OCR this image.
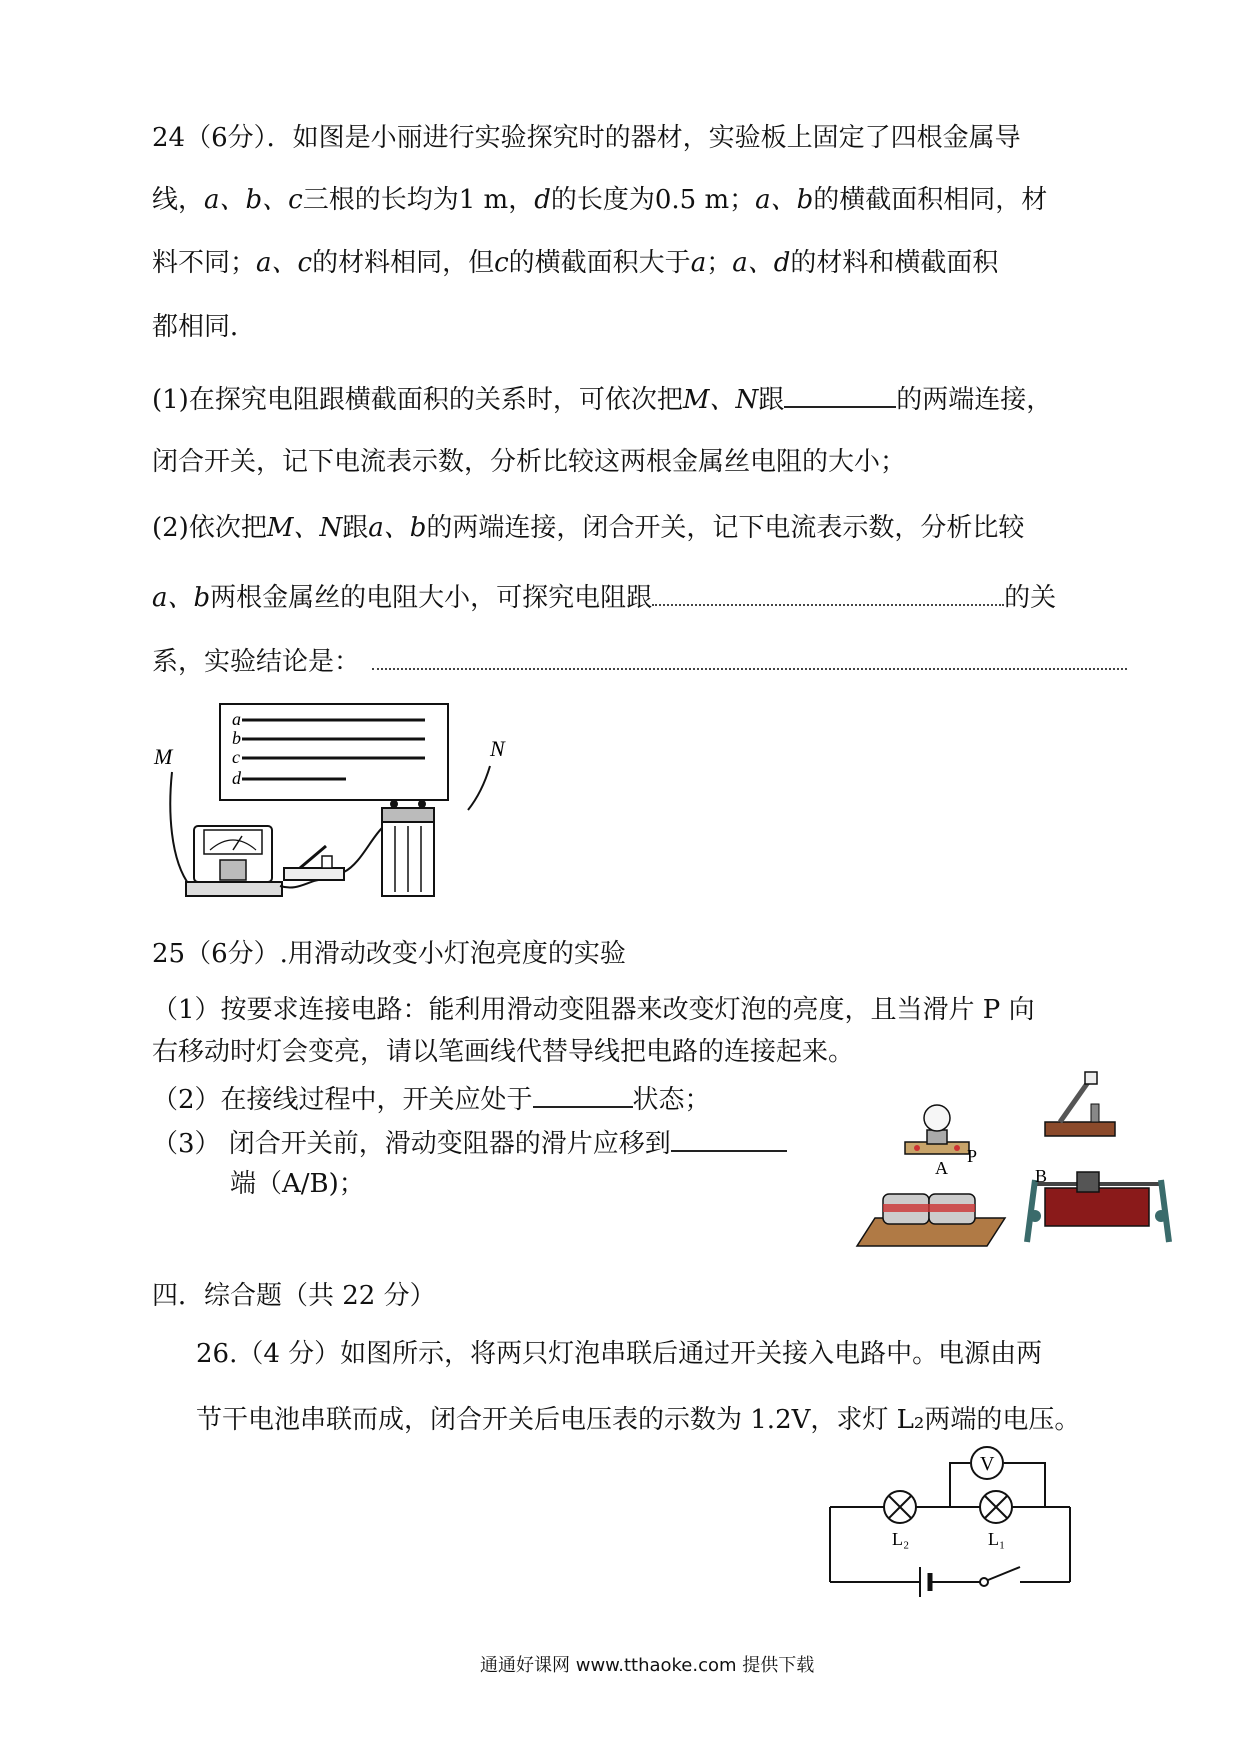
24（6分）．如图是小丽进行实验探究时的器材，实验板上固定了四根金属导
线，a、b、c三根的长均为1 m，d的长度为0.5 m；a、b的横截面积相同，材
料不同；a、c的材料相同，但c的横截面积大于a；a、d的材料和横截面积
都相同．
(1)在探究电阻跟横截面积的关系时，可依次把M、N跟	的两端连接，
闭合开关，记下电流表示数，分析比较这两根金属丝电阻的大小；
(2)依次把M、N跟a、b的两端连接，闭合开关，记下电流表示数，分析比较
a、b两根金属丝的电阻大小，可探究电阻跟	的关
系，实验结论是：
a
b
c
d
M	N
25（6分）.用滑动改变小灯泡亮度的实验
（1）按要求连接电路：能利用滑动变阻器来改变灯泡的亮度，且当滑片 P 向
右移动时灯会变亮，请以笔画线代替导线把电路的连接起来。
（2）在接线过程中，开关应处于	状态；
（3） 闭合开关前，滑动变阻器的滑片应移到
端（A/B)；
A
P
B
四．综合题（共 22 分）
26.（4 分）如图所示，将两只灯泡串联后通过开关接入电路中。电源由两
节干电池串联而成，闭合开关后电压表的示数为 1.2V，求灯 L₂两端的电压。
V
L₂	L₁
通通好课网 www.tthaoke.com 提供下载
